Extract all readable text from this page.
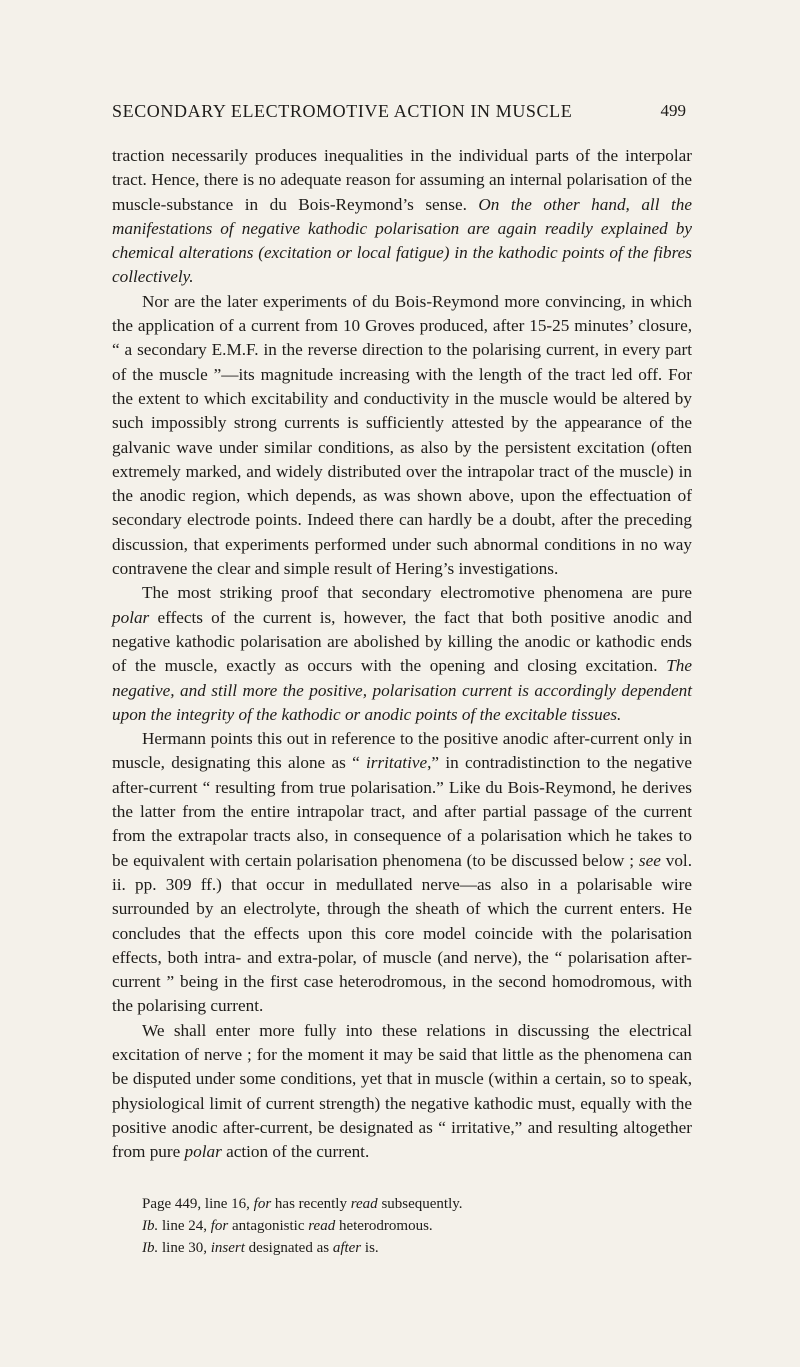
SECONDARY ELECTROMOTIVE ACTION IN MUSCLE	499

traction necessarily produces inequalities in the individual parts of the interpolar tract. Hence, there is no adequate reason for assuming an internal polarisation of the muscle-substance in du Bois-Reymond’s sense. On the other hand, all the manifestations of negative kathodic polarisation are again readily explained by chemical alterations (excitation or local fatigue) in the kathodic points of the fibres collectively.

Nor are the later experiments of du Bois-Reymond more convincing, in which the application of a current from 10 Groves produced, after 15-25 minutes’ closure, “ a secondary E.M.F. in the reverse direction to the polarising current, in every part of the muscle ”—its magnitude increasing with the length of the tract led off. For the extent to which excitability and conductivity in the muscle would be altered by such impossibly strong currents is sufficiently attested by the appearance of the galvanic wave under similar conditions, as also by the persistent excitation (often extremely marked, and widely distributed over the intrapolar tract of the muscle) in the anodic region, which depends, as was shown above, upon the effectuation of secondary electrode points. Indeed there can hardly be a doubt, after the preceding discussion, that experiments performed under such abnormal conditions in no way contravene the clear and simple result of Hering’s investigations.

The most striking proof that secondary electromotive phenomena are pure polar effects of the current is, however, the fact that both positive anodic and negative kathodic polarisation are abolished by killing the anodic or kathodic ends of the muscle, exactly as occurs with the opening and closing excitation. The negative, and still more the positive, polarisation current is accordingly dependent upon the integrity of the kathodic or anodic points of the excitable tissues.

Hermann points this out in reference to the positive anodic after-current only in muscle, designating this alone as “ irritative,” in contradistinction to the negative after-current “ resulting from true polarisation.” Like du Bois-Reymond, he derives the latter from the entire intrapolar tract, and after partial passage of the current from the extrapolar tracts also, in consequence of a polarisation which he takes to be equivalent with certain polarisation phenomena (to be discussed below ; see vol. ii. pp. 309 ff.) that occur in medullated nerve—as also in a polarisable wire surrounded by an electrolyte, through the sheath of which the current enters. He concludes that the effects upon this core model coincide with the polarisation effects, both intra- and extra-polar, of muscle (and nerve), the “ polarisation after-current ” being in the first case heterodromous, in the second homodromous, with the polarising current.

We shall enter more fully into these relations in discussing the electrical excitation of nerve ; for the moment it may be said that little as the phenomena can be disputed under some conditions, yet that in muscle (within a certain, so to speak, physiological limit of current strength) the negative kathodic must, equally with the positive anodic after-current, be designated as “ irritative,” and resulting altogether from pure polar action of the current.

Page 449, line 16, for has recently read subsequently.

Ib. line 24, for antagonistic read heterodromous.

Ib. line 30, insert designated as after is.
